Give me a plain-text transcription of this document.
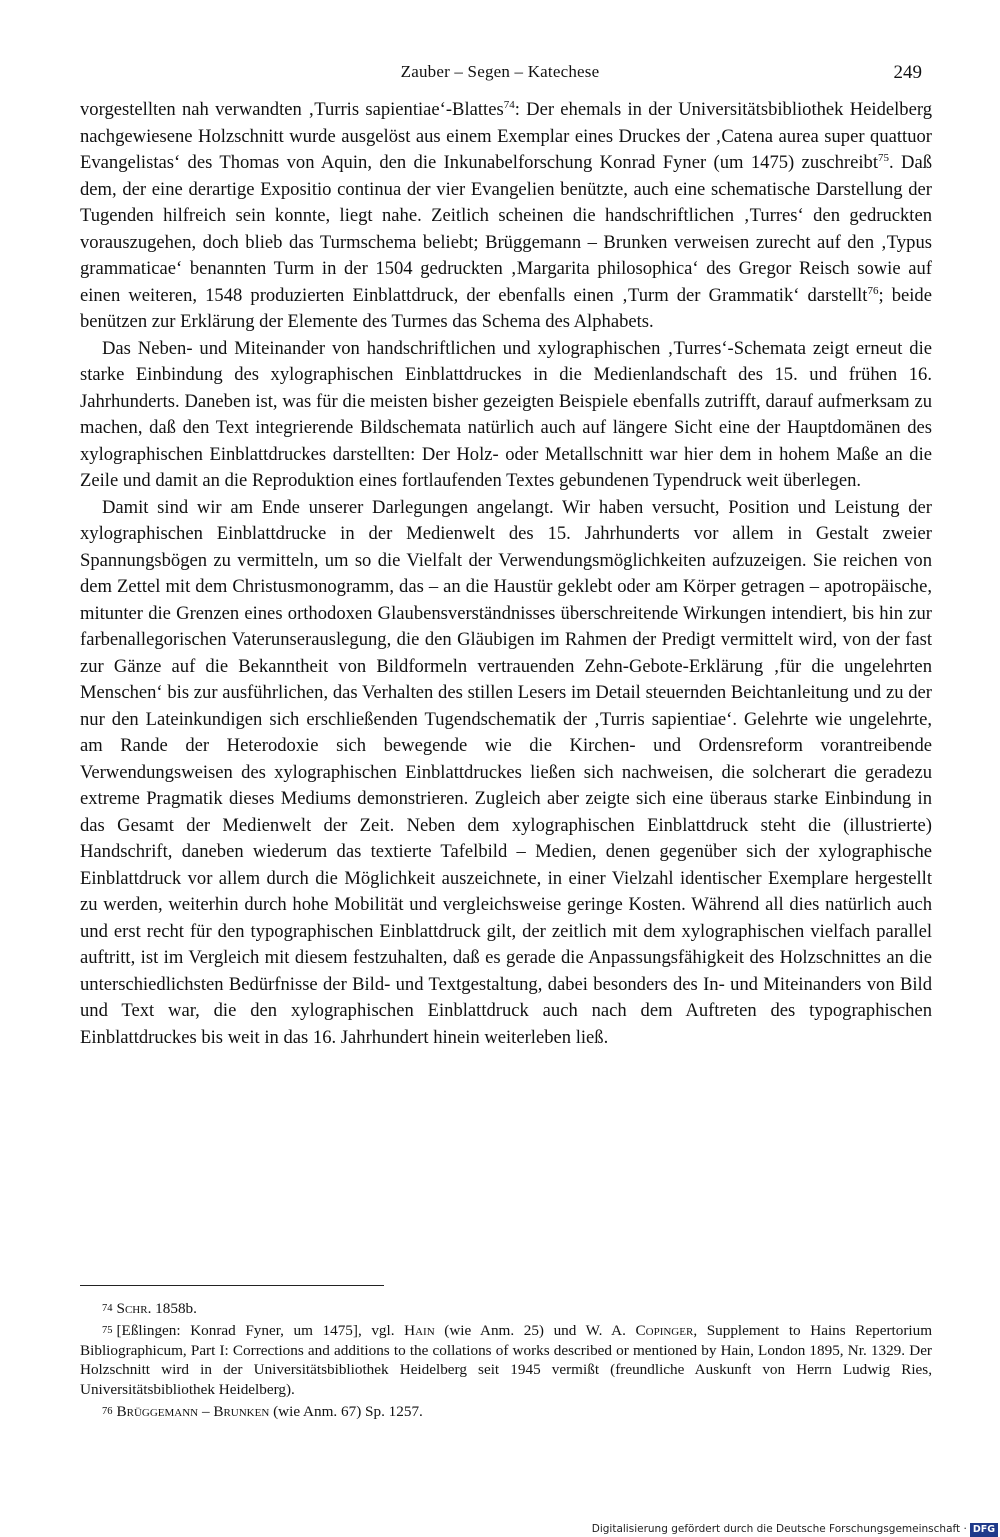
Zauber – Segen – Katechese	249

vorgestellten nah verwandten ‚Turris sapientiae‘-Blattes$^{74}$: Der ehemals in der Universitätsbibliothek Heidelberg nachgewiesene Holzschnitt wurde ausgelöst aus einem Exemplar eines Druckes der ‚Catena aurea super quattuor Evangelistas‘ des Thomas von Aquin, den die Inkunabelforschung Konrad Fyner (um 1475) zuschreibt$^{75}$. Daß dem, der eine derartige Expositio continua der vier Evangelien benützte, auch eine schematische Darstellung der Tugenden hilfreich sein konnte, liegt nahe. Zeitlich scheinen die handschriftlichen ‚Turres‘ den gedruckten vorauszugehen, doch blieb das Turmschema beliebt; Brüggemann – Brunken verweisen zurecht auf den ‚Typus grammaticae‘ benannten Turm in der 1504 gedruckten ‚Margarita philosophica‘ des Gregor Reisch sowie auf einen weiteren, 1548 produzierten Einblattdruck, der ebenfalls einen ‚Turm der Grammatik‘ darstellt$^{76}$; beide benützen zur Erklärung der Elemente des Turmes das Schema des Alphabets.

Das Neben- und Miteinander von handschriftlichen und xylographischen ‚Turres‘-Schemata zeigt erneut die starke Einbindung des xylographischen Einblattdruckes in die Medienlandschaft des 15. und frühen 16. Jahrhunderts. Daneben ist, was für die meisten bisher gezeigten Beispiele ebenfalls zutrifft, darauf aufmerksam zu machen, daß den Text integrierende Bildschemata natürlich auch auf längere Sicht eine der Hauptdomänen des xylographischen Einblattdruckes darstellten: Der Holz- oder Metallschnitt war hier dem in hohem Maße an die Zeile und damit an die Reproduktion eines fortlaufenden Textes gebundenen Typendruck weit überlegen.

Damit sind wir am Ende unserer Darlegungen angelangt. Wir haben versucht, Position und Leistung der xylographischen Einblattdrucke in der Medienwelt des 15. Jahrhunderts vor allem in Gestalt zweier Spannungsbögen zu vermitteln, um so die Vielfalt der Verwendungsmöglichkeiten aufzuzeigen. Sie reichen von dem Zettel mit dem Christusmonogramm, das – an die Haustür geklebt oder am Körper getragen – apotropäische, mitunter die Grenzen eines orthodoxen Glaubensverständnisses überschreitende Wirkungen intendiert, bis hin zur farbenallegorischen Vaterunserauslegung, die den Gläubigen im Rahmen der Predigt vermittelt wird, von der fast zur Gänze auf die Bekanntheit von Bildformeln vertrauenden Zehn-Gebote-Erklärung ‚für die ungelehrten Menschen‘ bis zur ausführlichen, das Verhalten des stillen Lesers im Detail steuernden Beichtanleitung und zu der nur den Lateinkundigen sich erschließenden Tugendschematik der ‚Turris sapientiae‘. Gelehrte wie ungelehrte, am Rande der Heterodoxie sich bewegende wie die Kirchen- und Ordensreform vorantreibende Verwendungsweisen des xylographischen Einblattdruckes ließen sich nachweisen, die solcherart die geradezu extreme Pragmatik dieses Mediums demonstrieren. Zugleich aber zeigte sich eine überaus starke Einbindung in das Gesamt der Medienwelt der Zeit. Neben dem xylographischen Einblattdruck steht die (illustrierte) Handschrift, daneben wiederum das textierte Tafelbild – Medien, denen gegenüber sich der xylographische Einblattdruck vor allem durch die Möglichkeit auszeichnete, in einer Vielzahl identischer Exemplare hergestellt zu werden, weiterhin durch hohe Mobilität und vergleichsweise geringe Kosten. Während all dies natürlich auch und erst recht für den typographischen Einblattdruck gilt, der zeitlich mit dem xylographischen vielfach parallel auftritt, ist im Vergleich mit diesem festzuhalten, daß es gerade die Anpassungsfähigkeit des Holzschnittes an die unterschiedlichsten Bedürfnisse der Bild- und Textgestaltung, dabei besonders des In- und Miteinanders von Bild und Text war, die den xylographischen Einblattdruck auch nach dem Auftreten des typographischen Einblattdruckes bis weit in das 16. Jahrhundert hinein weiterleben ließ.

74 Schr. 1858b.

75 [Eßlingen: Konrad Fyner, um 1475], vgl. Hain (wie Anm. 25) und W. A. Copinger, Supplement to Hains Repertorium Bibliographicum, Part I: Corrections and additions to the collations of works described or mentioned by Hain, London 1895, Nr. 1329. Der Holzschnitt wird in der Universitätsbibliothek Heidelberg seit 1945 vermißt (freundliche Auskunft von Herrn Ludwig Ries, Universitätsbibliothek Heidelberg).

76 Brüggemann – Brunken (wie Anm. 67) Sp. 1257.

Digitalisierung gefördert durch die Deutsche Forschungsgemeinschaft · DFG
